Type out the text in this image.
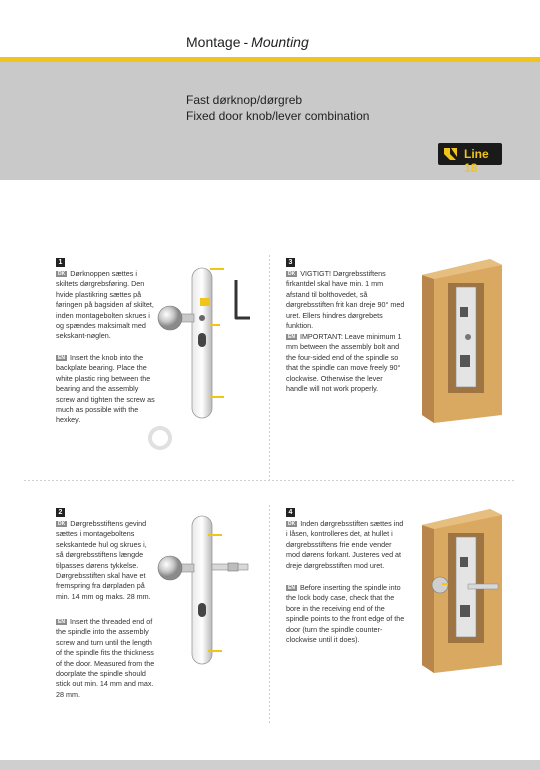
Montage - Mounting
Fast dørknop/dørgreb
Fixed door knob/lever combination
Line 18
1
DK Dørknoppen sættes i skiltets dørgrebsføring. Den hvide plastikring sættes på føringen på bagsiden af skiltet, inden montagebolten skrues i og spændes maksimalt med sekskant-nøglen.
EN Insert the knob into the backplate bearing. Place the white plastic ring between the bearing and the assembly screw and tighten the screw as much as possible with the hexkey.
2
DK Dørgrebsstiftens gevind sættes i montageboltens sekskantede hul og skrues i, så dørgrebsstiftens længde tilpasses dørens tykkelse. Dørgrebsstiften skal have et fremspring fra dørpladen på min. 14 mm og maks. 28 mm.
EN Insert the threaded end of the spindle into the assembly screw and turn until the length of the spindle fits the thickness of the door. Measured from the doorplate the spindle should stick out min. 14 mm and max. 28 mm.
3
DK VIGTIGT! Dørgrebsstiftens firkantdel skal have min. 1 mm afstand til bolthovedet, så dørgrebsstiften frit kan dreje 90° med uret. Ellers hindres dørgrebets funktion.
EN IMPORTANT: Leave minimum 1 mm between the assembly bolt and the four-sided end of the spindle so that the spindle can move freely 90° clockwise. Otherwise the lever handle will not work properly.
4
DK Inden dørgrebsstiften sættes ind i låsen, kontrolleres det, at hullet i dørgrebsstiftens frie ende vender mod dørens forkant. Justeres ved at dreje dørgrebsstiften mod uret.
EN Before inserting the spindle into the lock body case, check that the bore in the receiving end of the spindle points to the front edge of the door (turn the spindle counter-clockwise until it does).
